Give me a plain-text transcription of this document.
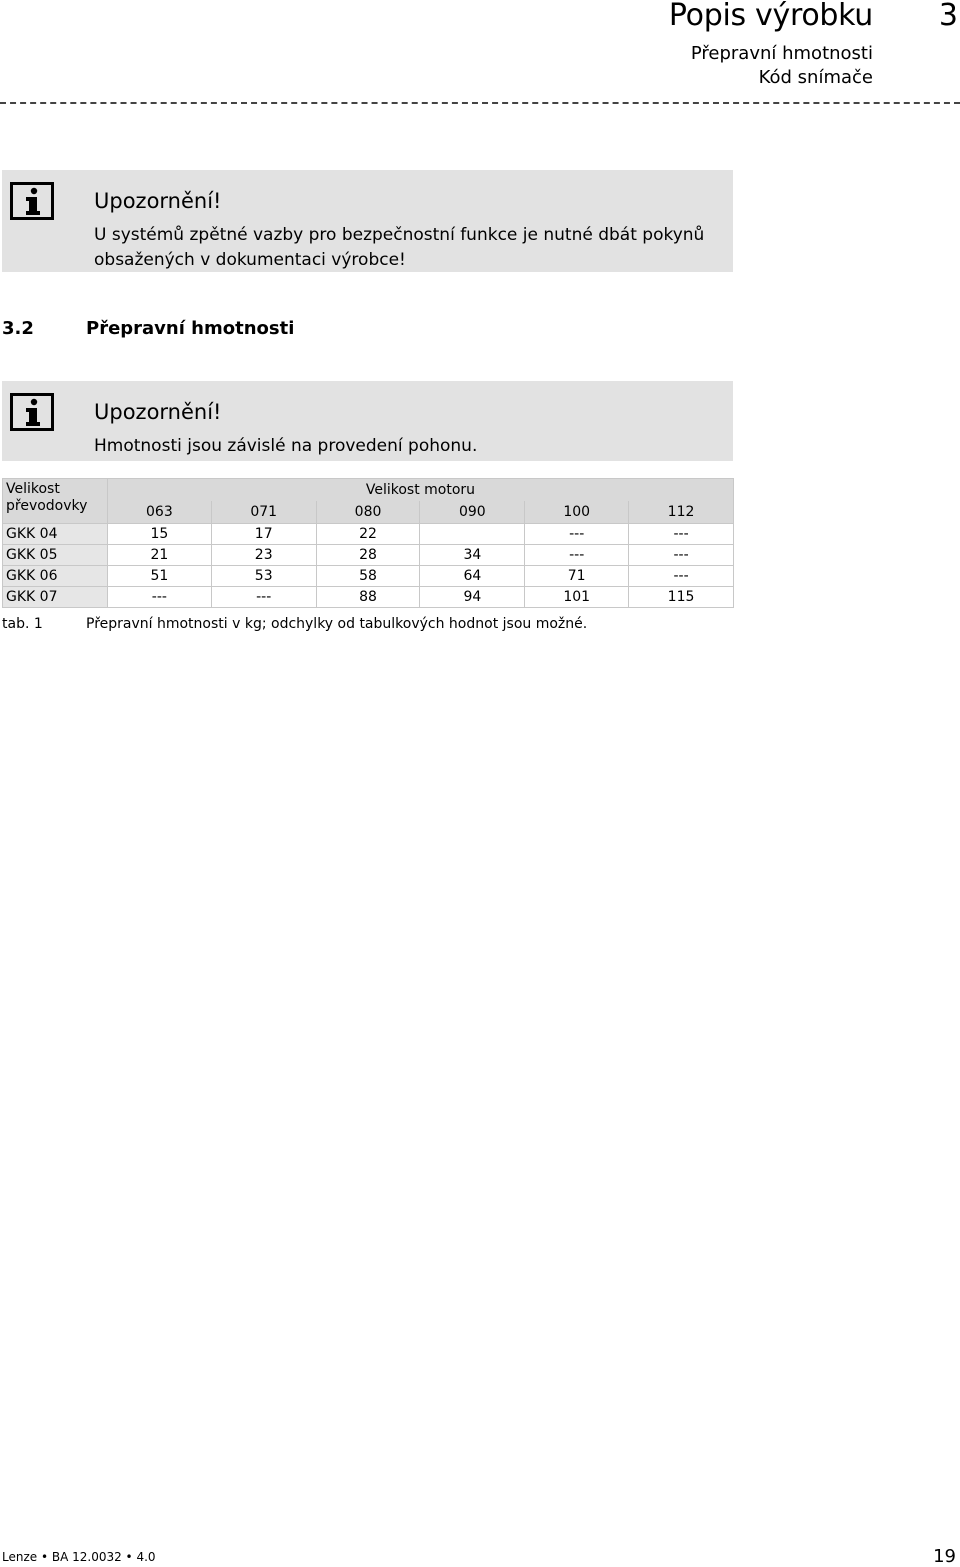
Popis výrobku 3
Přepravní hmotnosti
Kód snímače
Upozornění!
U systémů zpětné vazby pro bezpečnostní funkce je nutné dbát pokynů obsažených v dokumentaci výrobce!
3.2	Přepravní hmotnosti
Upozornění!
Hmotnosti jsou závislé na provedení pohonu.
Velikost převodovky	Velikost motoru					
	063	071	080	090	100	112
GKK 04	15	17	22		---	---
GKK 05	21	23	28	34	---	---
GKK 06	51	53	58	64	71	---
GKK 07	---	---	88	94	101	115
tab. 1	Přepravní hmotnosti v kg; odchylky od tabulkových hodnot jsou možné.
Lenze • BA 12.0032 • 4.0	19
